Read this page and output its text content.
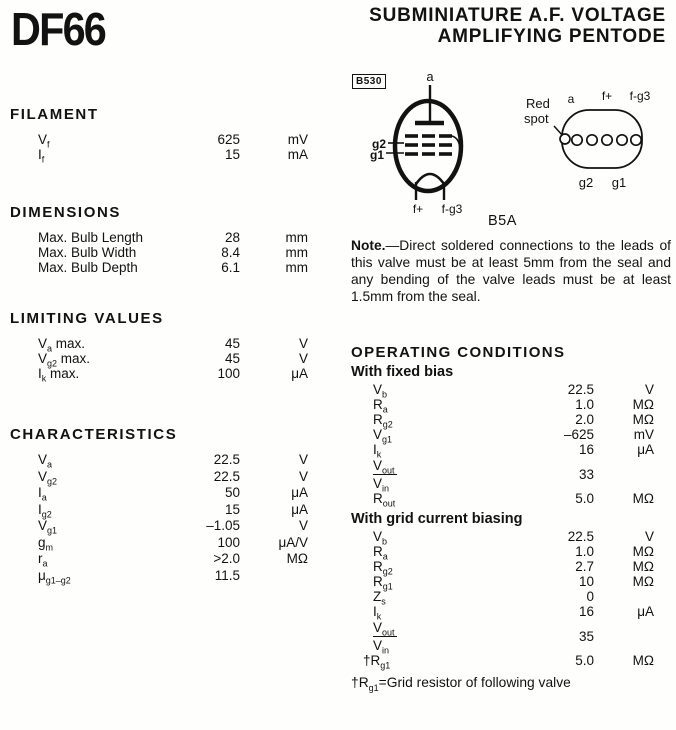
DF66	SUBMINIATURE A.F. VOLTAGE
AMPLIFYING PENTODE
FILAMENT
$V_f$	625	mV
$I_f$	15	mA
DIMENSIONS
Max. Bulb Length	28	mm
Max. Bulb Width	8.4	mm
Max. Bulb Depth	6.1	mm
LIMITING VALUES
$V_a$ max.	45	V
$V_{g2}$ max.	45	V
$I_k$ max.	100	μA
CHARACTERISTICS
$V_a$	22.5	V
$V_{g2}$	22.5	V
$I_a$	50	μA
$I_{g2}$	15	μA
$V_{g1}$	–1.05	V
$g_m$	100	μA/V
$r_a$	>2.0	MΩ
$\mu_{g1-g2}$	11.5
B530	a
g2
g1
f+ f-g3
Red
spot
a f+ f-g3
g2 g1
B5A
Note.—Direct soldered connections to the leads of this valve must be at least 5mm from the seal and any bending of the valve leads must be at least 1.5mm from the seal.
OPERATING CONDITIONS
With fixed bias
$V_b$	22.5	V
$R_a$	1.0	MΩ
$R_{g2}$	2.0	MΩ
$V_{g1}$	–625	mV
$I_k$	16	μA
$\frac{V_{out}}{V_{in}}$	33
$R_{out}$	5.0	MΩ
With grid current biasing
$V_b$	22.5	V
$R_a$	1.0	MΩ
$R_{g2}$	2.7	MΩ
$R_{g1}$	10	MΩ
$Z_s$	0
$I_k$	16	μA
$\frac{V_{out}}{V_{in}}$	35
$\dagger R_{g1}$	5.0	MΩ
$\dagger R_{g1}=Grid$ resistor of following valve
